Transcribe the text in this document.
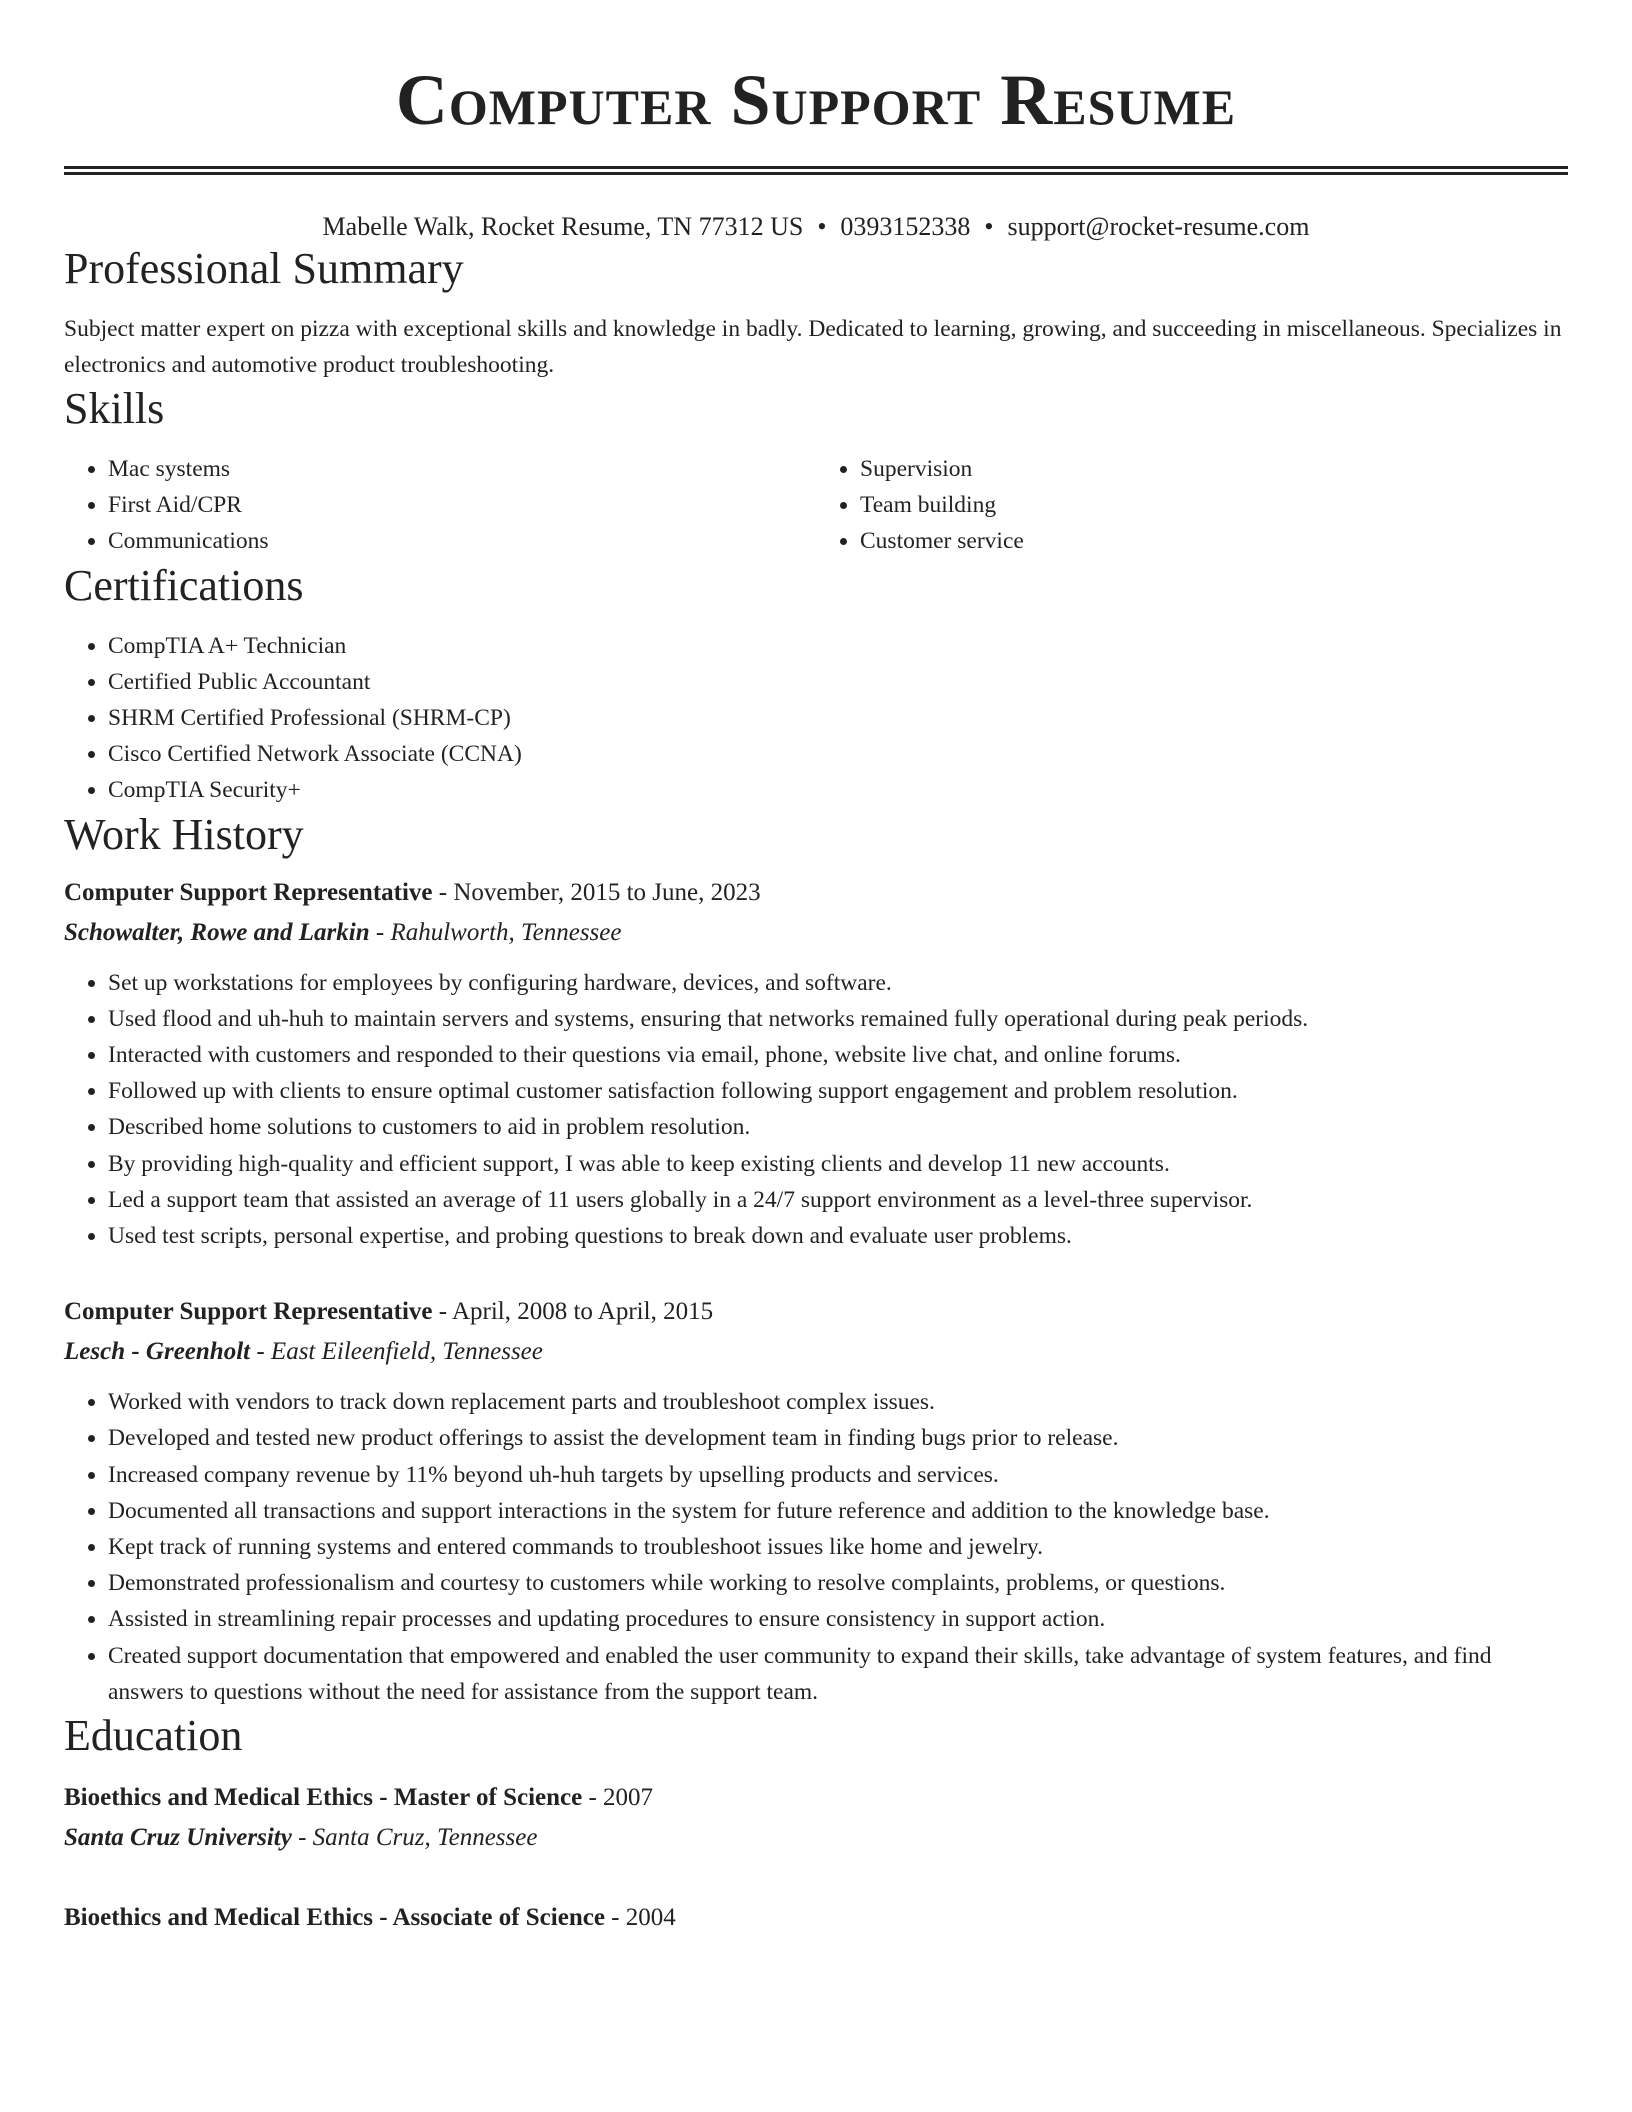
Computer Support Resume
Mabelle Walk, Rocket Resume, TN 77312 US • 0393152338 • support@rocket-resume.com
Professional Summary

Subject matter expert on pizza with exceptional skills and knowledge in badly. Dedicated to learning, growing, and succeeding in miscellaneous. Specializes in electronics and automotive product troubleshooting.

Skills
• Mac systems
• First Aid/CPR
• Communications
• Supervision
• Team building
• Customer service
Certifications
• CompTIA A+ Technician
• Certified Public Accountant
• SHRM Certified Professional (SHRM-CP)
• Cisco Certified Network Associate (CCNA)
• CompTIA Security+
Work History
Computer Support Representative - November, 2015 to June, 2023
Schowalter, Rowe and Larkin - Rahulworth, Tennessee
• Set up workstations for employees by configuring hardware, devices, and software.
• Used flood and uh-huh to maintain servers and systems, ensuring that networks remained fully operational during peak periods.
• Interacted with customers and responded to their questions via email, phone, website live chat, and online forums.
• Followed up with clients to ensure optimal customer satisfaction following support engagement and problem resolution.
• Described home solutions to customers to aid in problem resolution.
• By providing high-quality and efficient support, I was able to keep existing clients and develop 11 new accounts.
• Led a support team that assisted an average of 11 users globally in a 24/7 support environment as a level-three supervisor.
• Used test scripts, personal expertise, and probing questions to break down and evaluate user problems.
Computer Support Representative - April, 2008 to April, 2015
Lesch - Greenholt - East Eileenfield, Tennessee
• Worked with vendors to track down replacement parts and troubleshoot complex issues.
• Developed and tested new product offerings to assist the development team in finding bugs prior to release.
• Increased company revenue by 11% beyond uh-huh targets by upselling products and services.
• Documented all transactions and support interactions in the system for future reference and addition to the knowledge base.
• Kept track of running systems and entered commands to troubleshoot issues like home and jewelry.
• Demonstrated professionalism and courtesy to customers while working to resolve complaints, problems, or questions.
• Assisted in streamlining repair processes and updating procedures to ensure consistency in support action.
• Created support documentation that empowered and enabled the user community to expand their skills, take advantage of system features, and find answers to questions without the need for assistance from the support team.
Education
Bioethics and Medical Ethics - Master of Science - 2007
Santa Cruz University - Santa Cruz, Tennessee
Bioethics and Medical Ethics - Associate of Science - 2004
